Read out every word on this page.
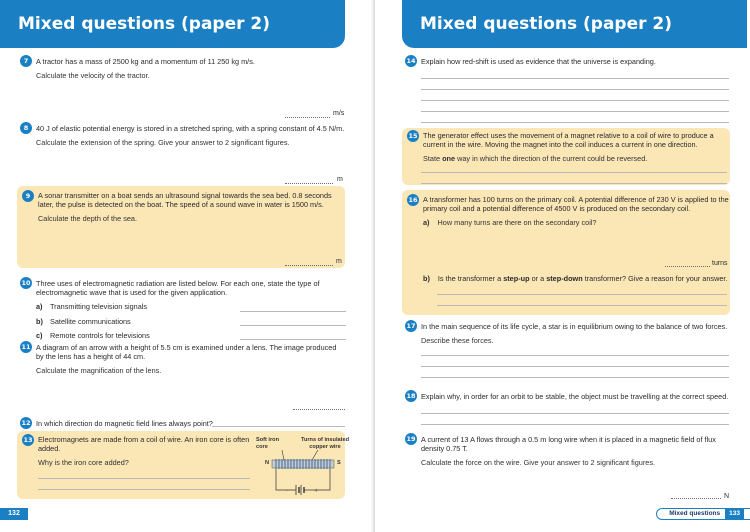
Mixed questions (paper 2)
7	A tractor has a mass of 2500 kg and a momentum of 11 250 kg m/s.

Calculate the velocity of the tractor.

m/s
8	40 J of elastic potential energy is stored in a stretched spring, with a spring constant of 4.5 N/m.

Calculate the extension of the spring. Give your answer to 2 significant figures.

m
9	A sonar transmitter on a boat sends an ultrasound signal towards the sea bed. 0.8 seconds later, the pulse is detected on the boat. The speed of a sound wave in water is 1500 m/s.

Calculate the depth of the sea.

m
10 Three uses of electromagnetic radiation are listed below. For each one, state the type of electromagnetic wave that is used for the given application.

a)	Transmitting television signals
b) Satellite communications
c)	Remote controls for televisions
11 A diagram of an arrow with a height of 5.5 cm is examined under a lens. The image produced by the lens has a height of 44 cm.

Calculate the magnification of the lens.

12 In which direction do magnetic field lines always point?

13 Electromagnets are made from a coil of wire. An iron core is often added.

Why is the iron core added?

Soft iron core
Turns of insulated copper wire
N	S
+
−
132
Mixed questions (paper 2)
14 Explain how red-shift is used as evidence that the universe is expanding.

15 The generator effect uses the movement of a magnet relative to a coil of wire to produce a current in the wire. Moving the magnet into the coil induces a current in one direction.

State one way in which the direction of the current could be reversed.

16 A transformer has 100 turns on the primary coil. A potential difference of 230 V is applied to the primary coil and a potential difference of 4500 V is produced on the secondary coil.

a) How many turns are there on the secondary coil?

turns

b) Is the transformer a step-up or a step-down transformer? Give a reason for your answer.

17 In the main sequence of its life cycle, a star is in equilibrium owing to the balance of two forces.

Describe these forces.

18 Explain why, in order for an orbit to be stable, the object must be travelling at the correct speed.

19 A current of 13 A flows through a 0.5 m long wire when it is placed in a magnetic field of flux density 0.75 T.

Calculate the force on the wire. Give your answer to 2 significant figures.

N
Mixed questions 133
